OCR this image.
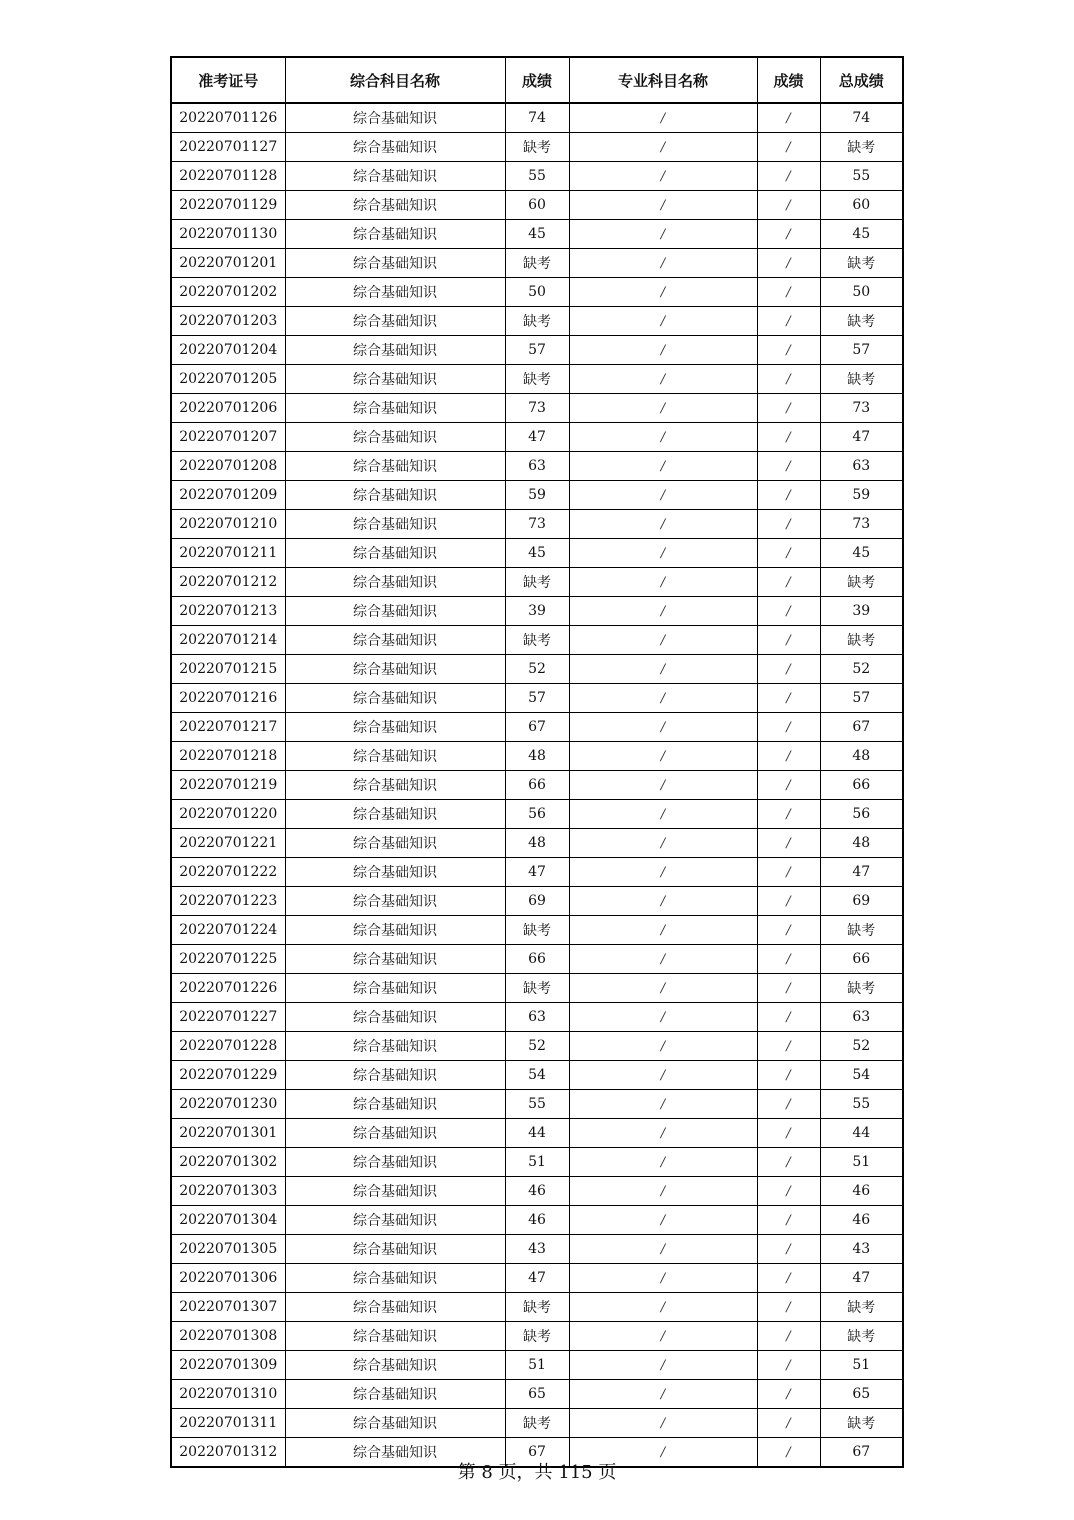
准考证号	综合科目名称	成绩	专业科目名称	成绩	总成绩
20220701126	综合基础知识	74	/	/	74
20220701127	综合基础知识	缺考	/	/	缺考
20220701128	综合基础知识	55	/	/	55
20220701129	综合基础知识	60	/	/	60
20220701130	综合基础知识	45	/	/	45
20220701201	综合基础知识	缺考	/	/	缺考
20220701202	综合基础知识	50	/	/	50
20220701203	综合基础知识	缺考	/	/	缺考
20220701204	综合基础知识	57	/	/	57
20220701205	综合基础知识	缺考	/	/	缺考
20220701206	综合基础知识	73	/	/	73
20220701207	综合基础知识	47	/	/	47
20220701208	综合基础知识	63	/	/	63
20220701209	综合基础知识	59	/	/	59
20220701210	综合基础知识	73	/	/	73
20220701211	综合基础知识	45	/	/	45
20220701212	综合基础知识	缺考	/	/	缺考
20220701213	综合基础知识	39	/	/	39
20220701214	综合基础知识	缺考	/	/	缺考
20220701215	综合基础知识	52	/	/	52
20220701216	综合基础知识	57	/	/	57
20220701217	综合基础知识	67	/	/	67
20220701218	综合基础知识	48	/	/	48
20220701219	综合基础知识	66	/	/	66
20220701220	综合基础知识	56	/	/	56
20220701221	综合基础知识	48	/	/	48
20220701222	综合基础知识	47	/	/	47
20220701223	综合基础知识	69	/	/	69
20220701224	综合基础知识	缺考	/	/	缺考
20220701225	综合基础知识	66	/	/	66
20220701226	综合基础知识	缺考	/	/	缺考
20220701227	综合基础知识	63	/	/	63
20220701228	综合基础知识	52	/	/	52
20220701229	综合基础知识	54	/	/	54
20220701230	综合基础知识	55	/	/	55
20220701301	综合基础知识	44	/	/	44
20220701302	综合基础知识	51	/	/	51
20220701303	综合基础知识	46	/	/	46
20220701304	综合基础知识	46	/	/	46
20220701305	综合基础知识	43	/	/	43
20220701306	综合基础知识	47	/	/	47
20220701307	综合基础知识	缺考	/	/	缺考
20220701308	综合基础知识	缺考	/	/	缺考
20220701309	综合基础知识	51	/	/	51
20220701310	综合基础知识	65	/	/	65
20220701311	综合基础知识	缺考	/	/	缺考
20220701312	综合基础知识	67	/	/	67
第 8 页，共 115 页
